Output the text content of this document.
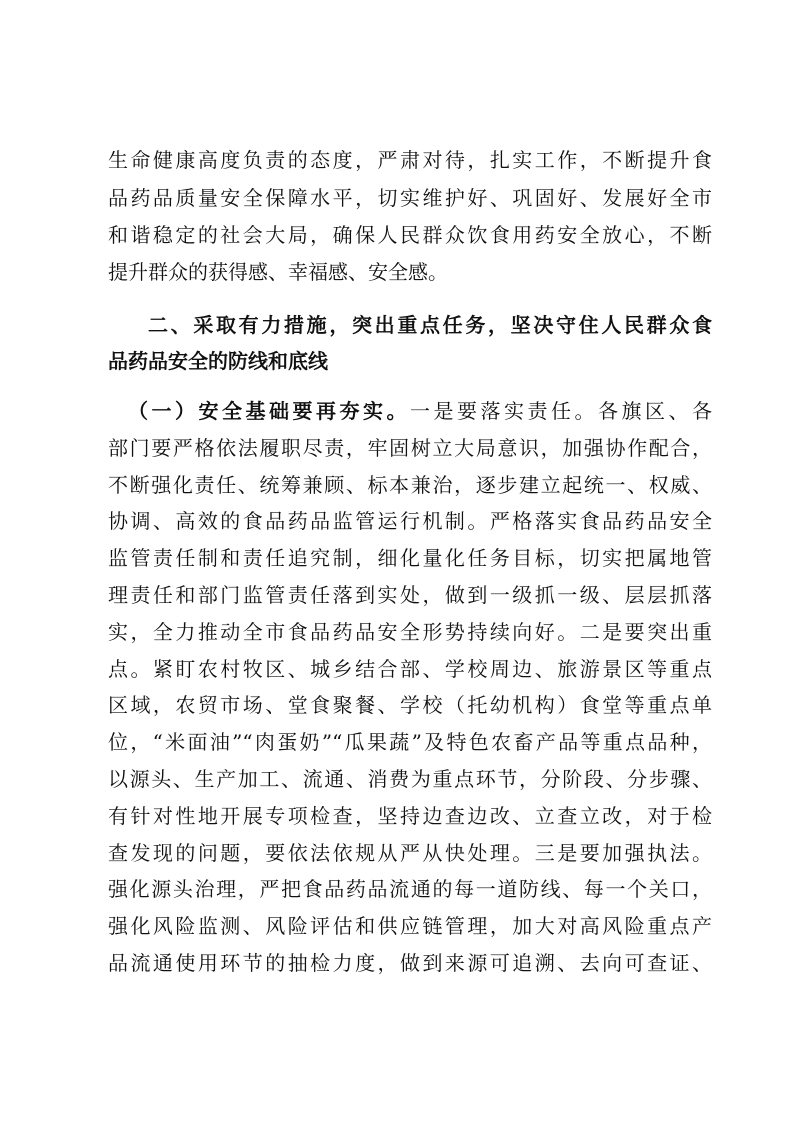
生命健康高度负责的态度，严肃对待，扎实工作，不断提升食
品药品质量安全保障水平，切实维护好、巩固好、发展好全市
和谐稳定的社会大局，确保人民群众饮食用药安全放心，不断
提升群众的获得感、幸福感、安全感。
二、采取有力措施，突出重点任务，坚决守住人民群众食
品药品安全的防线和底线
（一）安全基础要再夯实。一是要落实责任。各旗区、各
部门要严格依法履职尽责，牢固树立大局意识，加强协作配合，
不断强化责任、统筹兼顾、标本兼治，逐步建立起统一、权威、
协调、高效的食品药品监管运行机制。严格落实食品药品安全
监管责任制和责任追究制，细化量化任务目标，切实把属地管
理责任和部门监管责任落到实处，做到一级抓一级、层层抓落
实，全力推动全市食品药品安全形势持续向好。二是要突出重
点。紧盯农村牧区、城乡结合部、学校周边、旅游景区等重点
区域，农贸市场、堂食聚餐、学校（托幼机构）食堂等重点单
位，“米面油”“肉蛋奶”“瓜果蔬”及特色农畜产品等重点品种，
以源头、生产加工、流通、消费为重点环节，分阶段、分步骤、
有针对性地开展专项检查，坚持边查边改、立查立改，对于检
查发现的问题，要依法依规从严从快处理。三是要加强执法。
强化源头治理，严把食品药品流通的每一道防线、每一个关口，
强化风险监测、风险评估和供应链管理，加大对高风险重点产
品流通使用环节的抽检力度，做到来源可追溯、去向可查证、
